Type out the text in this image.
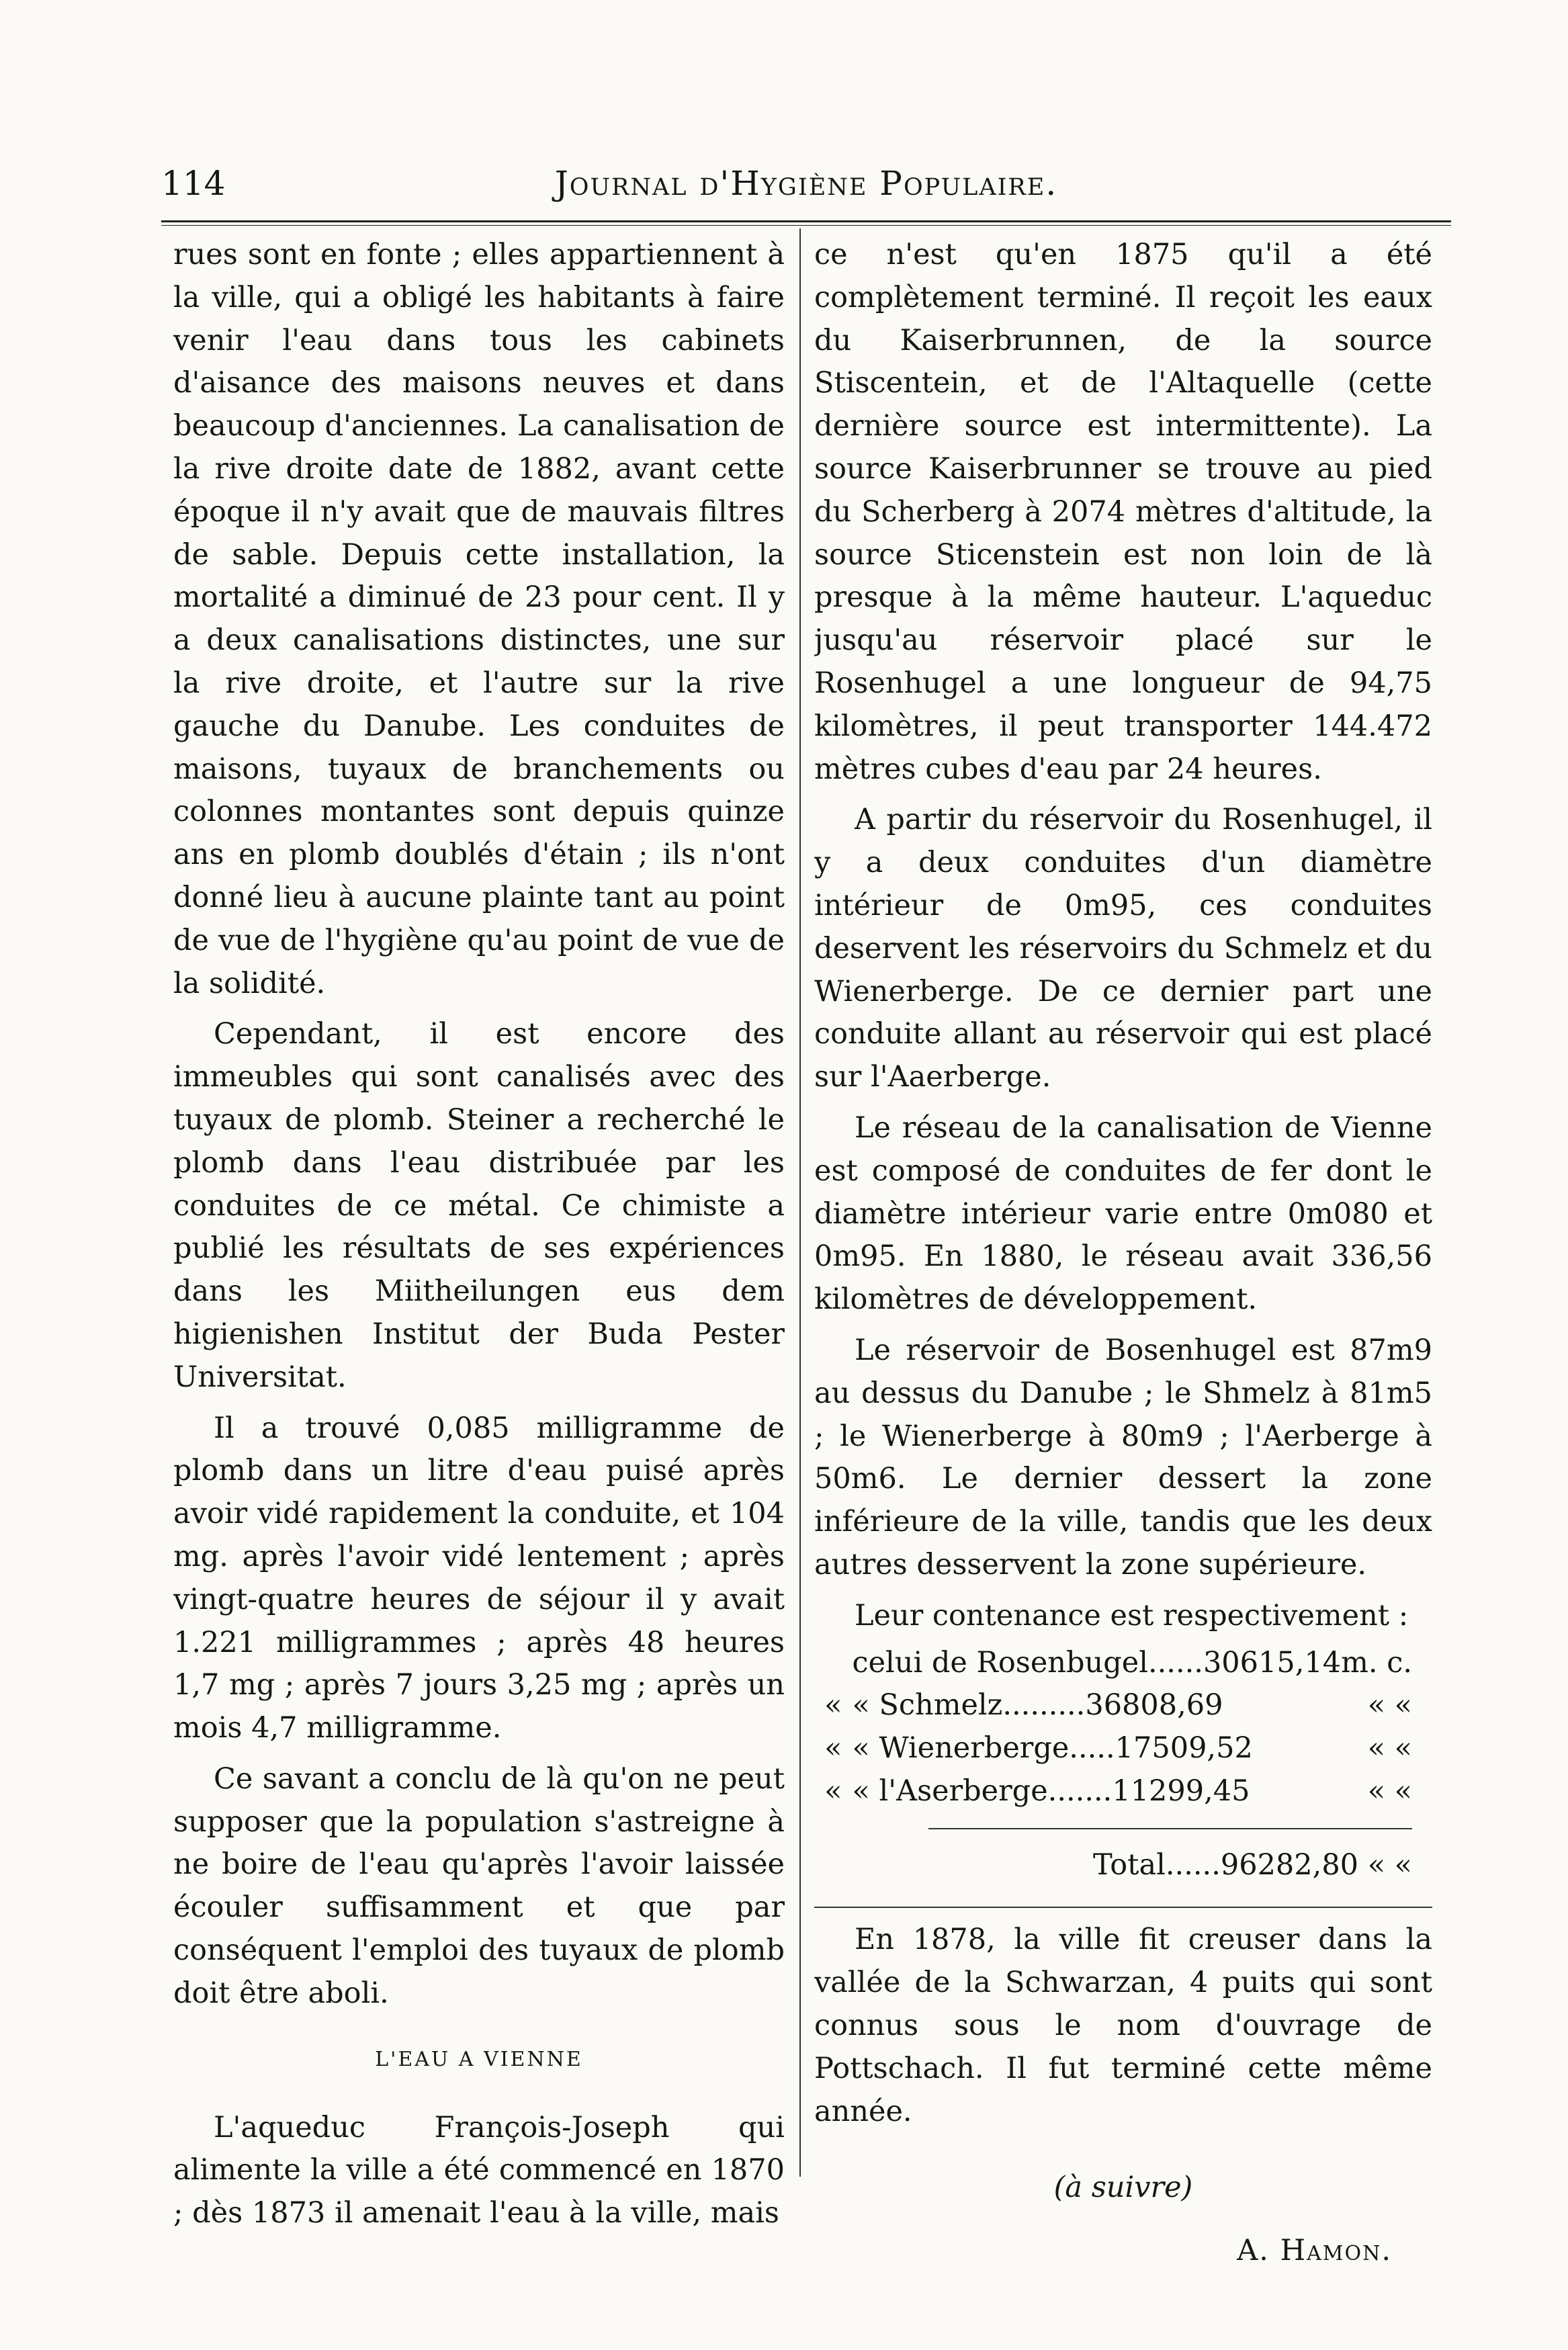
114	Journal d'Hygiène Populaire.

rues sont en fonte ; elles appartiennent à la ville, qui a obligé les habitants à faire venir l'eau dans tous les cabinets d'aisance des maisons neuves et dans beaucoup d'anciennes. La canalisation de la rive droite date de 1882, avant cette époque il n'y avait que de mauvais filtres de sable. Depuis cette installation, la mortalité a diminué de 23 pour cent. Il y a deux canalisations distinctes, une sur la rive droite, et l'autre sur la rive gauche du Danube. Les conduites de maisons, tuyaux de branchements ou colonnes montantes sont depuis quinze ans en plomb doublés d'étain ; ils n'ont donné lieu à aucune plainte tant au point de vue de l'hygiène qu'au point de vue de la solidité.

Cependant, il est encore des immeubles qui sont canalisés avec des tuyaux de plomb. Steiner a recherché le plomb dans l'eau distribuée par les conduites de ce métal. Ce chimiste a publié les résultats de ses expériences dans les Miitheilungen eus dem higienishen Institut der Buda Pester Universitat.

Il a trouvé 0,085 milligramme de plomb dans un litre d'eau puisé après avoir vidé rapidement la conduite, et 104 mg. après l'avoir vidé lentement ; après vingt-quatre heures de séjour il y avait 1.221 milligrammes ; après 48 heures 1,7 mg ; après 7 jours 3,25 mg ; après un mois 4,7 milligramme.

Ce savant a conclu de là qu'on ne peut supposer que la population s'astreigne à ne boire de l'eau qu'après l'avoir laissée écouler suffisamment et que par conséquent l'emploi des tuyaux de plomb doit être aboli.

L'EAU A VIENNE

L'aqueduc François-Joseph qui alimente la ville a été commencé en 1870 ; dès 1873 il amenait l'eau à la ville, mais

ce n'est qu'en 1875 qu'il a été complètement terminé. Il reçoit les eaux du Kaiserbrunnen, de la source Stiscentein, et de l'Altaquelle (cette dernière source est intermittente). La source Kaiserbrunner se trouve au pied du Scherberg à 2074 mètres d'altitude, la source Sticenstein est non loin de là presque à la même hauteur. L'aqueduc jusqu'au réservoir placé sur le Rosenhugel a une longueur de 94,75 kilomètres, il peut transporter 144.472 mètres cubes d'eau par 24 heures.

A partir du réservoir du Rosenhugel, il y a deux conduites d'un diamètre intérieur de 0m95, ces conduites deservent les réservoirs du Schmelz et du Wienerberge. De ce dernier part une conduite allant au réservoir qui est placé sur l'Aaerberge.

Le réseau de la canalisation de Vienne est composé de conduites de fer dont le diamètre intérieur varie entre 0m080 et 0m95. En 1880, le réseau avait 336,56 kilomètres de développement.

Le réservoir de Bosenhugel est 87m9 au dessus du Danube ; le Shmelz à 81m5 ; le Wienerberge à 80m9 ; l'Aerberge à 50m6. Le dernier dessert la zone inférieure de la ville, tandis que les deux autres desservent la zone supérieure.

Leur contenance est respectivement :

	celui de Rosenbugel......30615,14	m. c.
«	« Schmelz.........36808,69	« «
«	« Wienerberge.....17509,52	« «
«	« l'Aserberge.......11299,45	« «
Total......96282,80 « «

En 1878, la ville fit creuser dans la vallée de la Schwarzan, 4 puits qui sont connus sous le nom d'ouvrage de Pottschach. Il fut terminé cette même année.

(à suivre)
A. Hamon.
